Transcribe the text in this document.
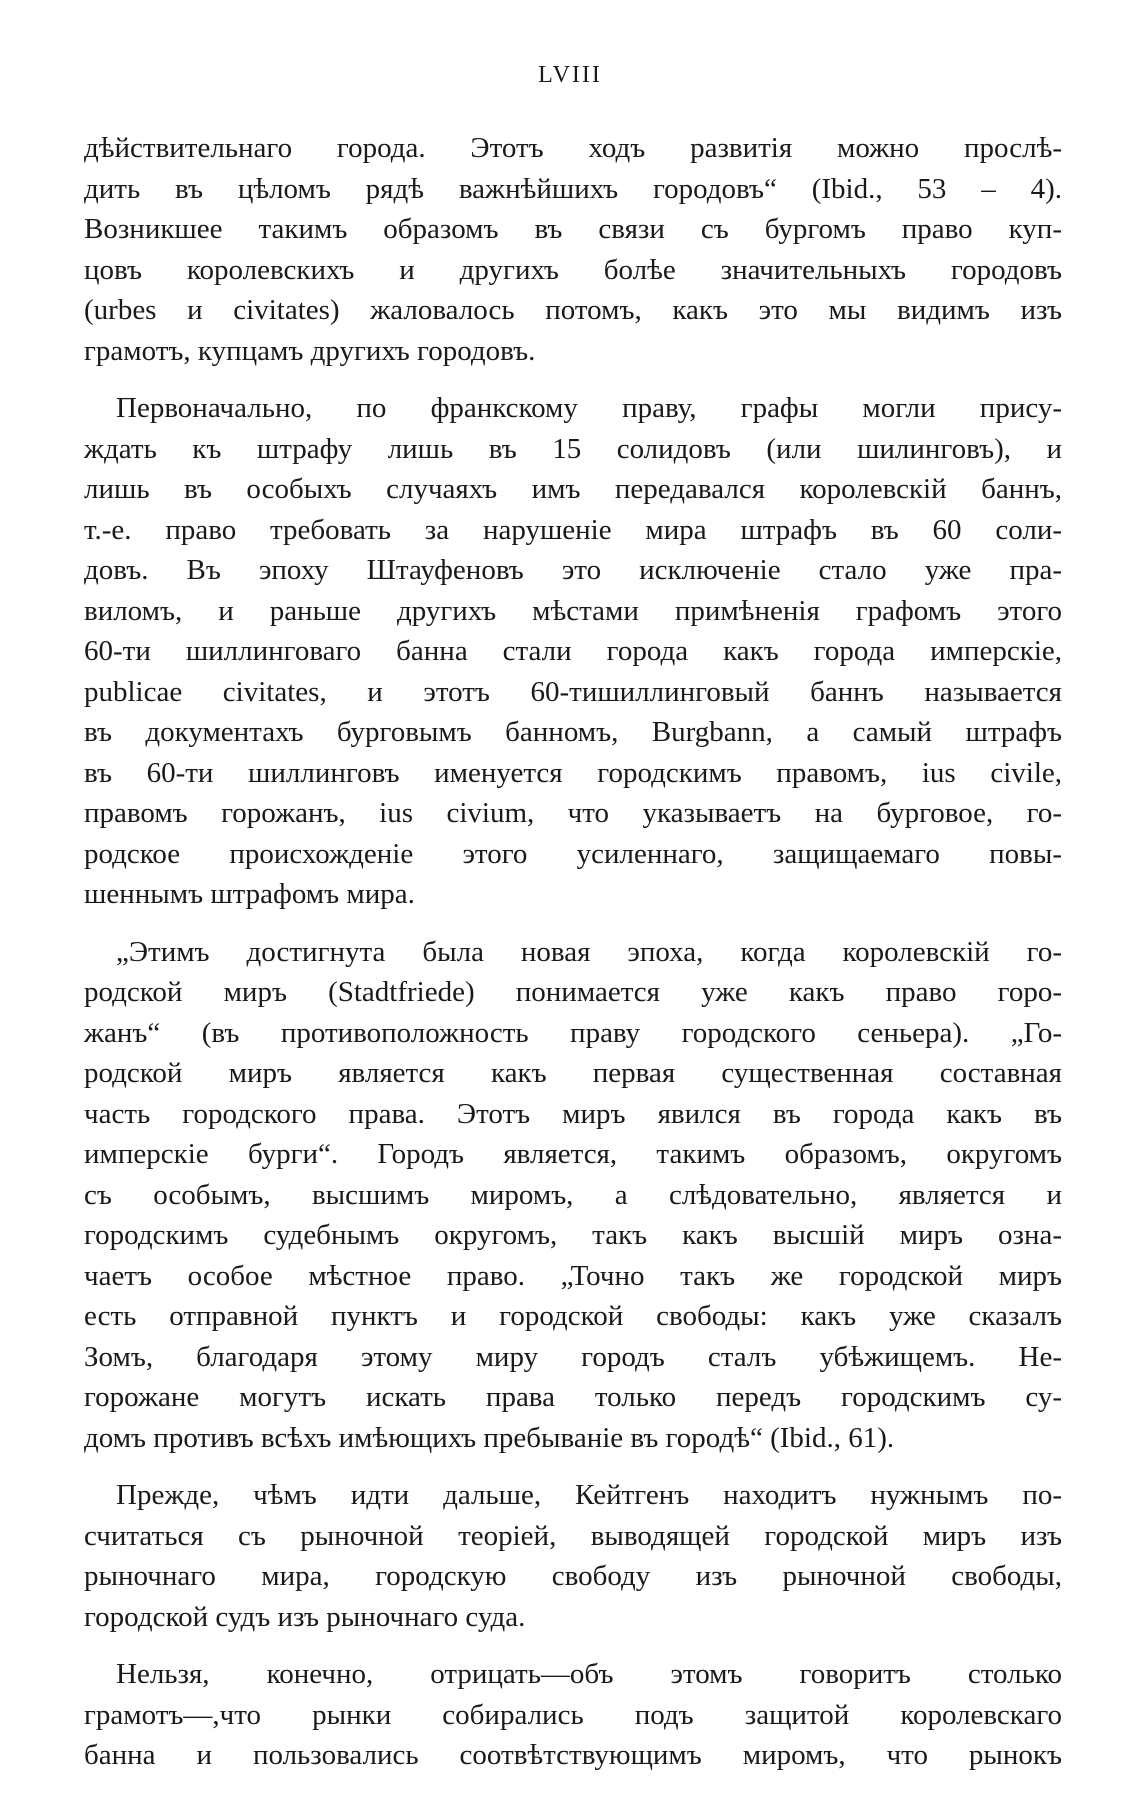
LVIII

дѣйствительнаго города. Этотъ ходъ развитія можно прослѣ-
дить въ цѣломъ рядѣ важнѣйшихъ городовъ“ (Ibid., 53 – 4).
Возникшее такимъ образомъ въ связи съ бургомъ право куп-
цовъ королевскихъ и другихъ болѣе значительныхъ городовъ
(urbes и civitates) жаловалось потомъ, какъ это мы видимъ изъ
грамотъ, купцамъ другихъ городовъ.

Первоначально, по франкскому праву, графы могли прису-
ждать къ штрафу лишь въ 15 солидовъ (или шилинговъ), и
лишь въ особыхъ случаяхъ имъ передавался королевскій баннъ,
т.-е. право требовать за нарушеніе мира штрафъ въ 60 соли-
довъ. Въ эпоху Штауфеновъ это исключеніе стало уже пра-
виломъ, и раньше другихъ мѣстами примѣненія графомъ этого
60-ти шиллинговаго банна стали города какъ города имперскіе,
publicae civitates, и этотъ 60-тишиллинговый баннъ называется
въ документахъ бурговымъ банномъ, Burgbann, а самый штрафъ
въ 60-ти шиллинговъ именуется городскимъ правомъ, ius civile,
правомъ горожанъ, ius civium, что указываетъ на бурговое, го-
родское происхожденіе этого усиленнаго, защищаемаго повы-
шеннымъ штрафомъ мира.

„Этимъ достигнута была новая эпоха, когда королевскій го-
родской миръ (Stadtfriede) понимается уже какъ право горо-
жанъ“ (въ противоположность праву городского сеньера). „Го-
родской миръ является какъ первая существенная составная
часть городского права. Этотъ миръ явился въ города какъ въ
имперскіе бурги“. Городъ является, такимъ образомъ, округомъ
съ особымъ, высшимъ миромъ, а слѣдовательно, является и
городскимъ судебнымъ округомъ, такъ какъ высшій миръ озна-
чаетъ особое мѣстное право. „Точно такъ же городской миръ
есть отправной пунктъ и городской свободы: какъ уже сказалъ
Зомъ, благодаря этому миру городъ сталъ убѣжищемъ. Не-
горожане могутъ искать права только передъ городскимъ су-
домъ противъ всѣхъ имѣющихъ пребываніе въ городѣ“ (Ibid., 61).

Прежде, чѣмъ идти дальше, Кейтгенъ находитъ нужнымъ по-
считаться съ рыночной теоріей, выводящей городской миръ изъ
рыночнаго мира, городскую свободу изъ рыночной свободы,
городской судъ изъ рыночнаго суда.

Нельзя, конечно, отрицать—объ этомъ говоритъ столько
грамотъ—,что рынки собирались подъ защитой королевскаго
банна и пользовались соотвѣтствующимъ миромъ, что рынокъ
